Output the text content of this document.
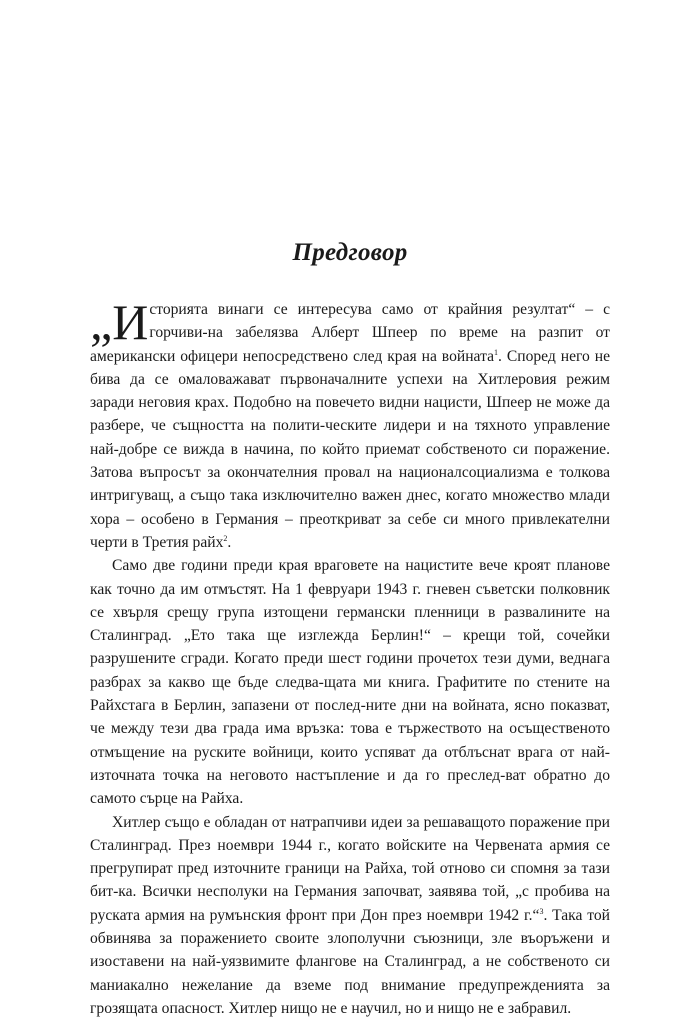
Предговор

„Историята винаги се интересува само от крайния резултат“ – с горчиви-на забелязва Алберт Шпеер по време на разпит от американски офицери непосредствено след края на войната$^1$. Според него не бива да се омаловажават първоначалните успехи на Хитлеровия режим заради неговия крах. Подобно на повечето видни нацисти, Шпеер не може да разбере, че същността на полити-ческите лидери и на тяхното управление най-добре се вижда в начина, по който приемат собственото си поражение. Затова въпросът за окончателния провал на националсоциализма е толкова интригуващ, а също така изключително важен днес, когато множество млади хора – особено в Германия – преоткриват за себе си много привлекателни черти в Третия райх$^2$.

Само две години преди края враговете на нацистите вече кроят планове как точно да им отмъстят. На 1 февруари 1943 г. гневен съветски полковник се хвърля срещу група изтощени германски пленници в развалините на Сталинград. „Ето така ще изглежда Берлин!“ – крещи той, сочейки разрушените сгради. Когато преди шест години прочетох тези думи, веднага разбрах за какво ще бъде следва-щата ми книга. Графитите по стените на Райхстага в Берлин, запазени от послед-ните дни на войната, ясно показват, че между тези два града има връзка: това е тържеството на осъщественото отмъщение на руските войници, които успяват да отблъснат врага от най-източната точка на неговото настъпление и да го преслед-ват обратно до самото сърце на Райха.

Хитлер също е обладан от натрапчиви идеи за решаващото поражение при Сталинград. През ноември 1944 г., когато войските на Червената армия се прегрупират пред източните граници на Райха, той отново си спомня за тази бит-ка. Всички несполуки на Германия започват, заявява той, „с пробива на руската армия на румънския фронт при Дон през ноември 1942 г.“$^3$. Така той обвинява за поражението своите злополучни съюзници, зле въоръжени и изоставени на най-уязвимите флангове на Сталинград, а не собственото си маниакално нежелание да вземе под внимание предупрежденията за грозящата опасност. Хитлер нищо не е научил, но и нищо не е забравил.
